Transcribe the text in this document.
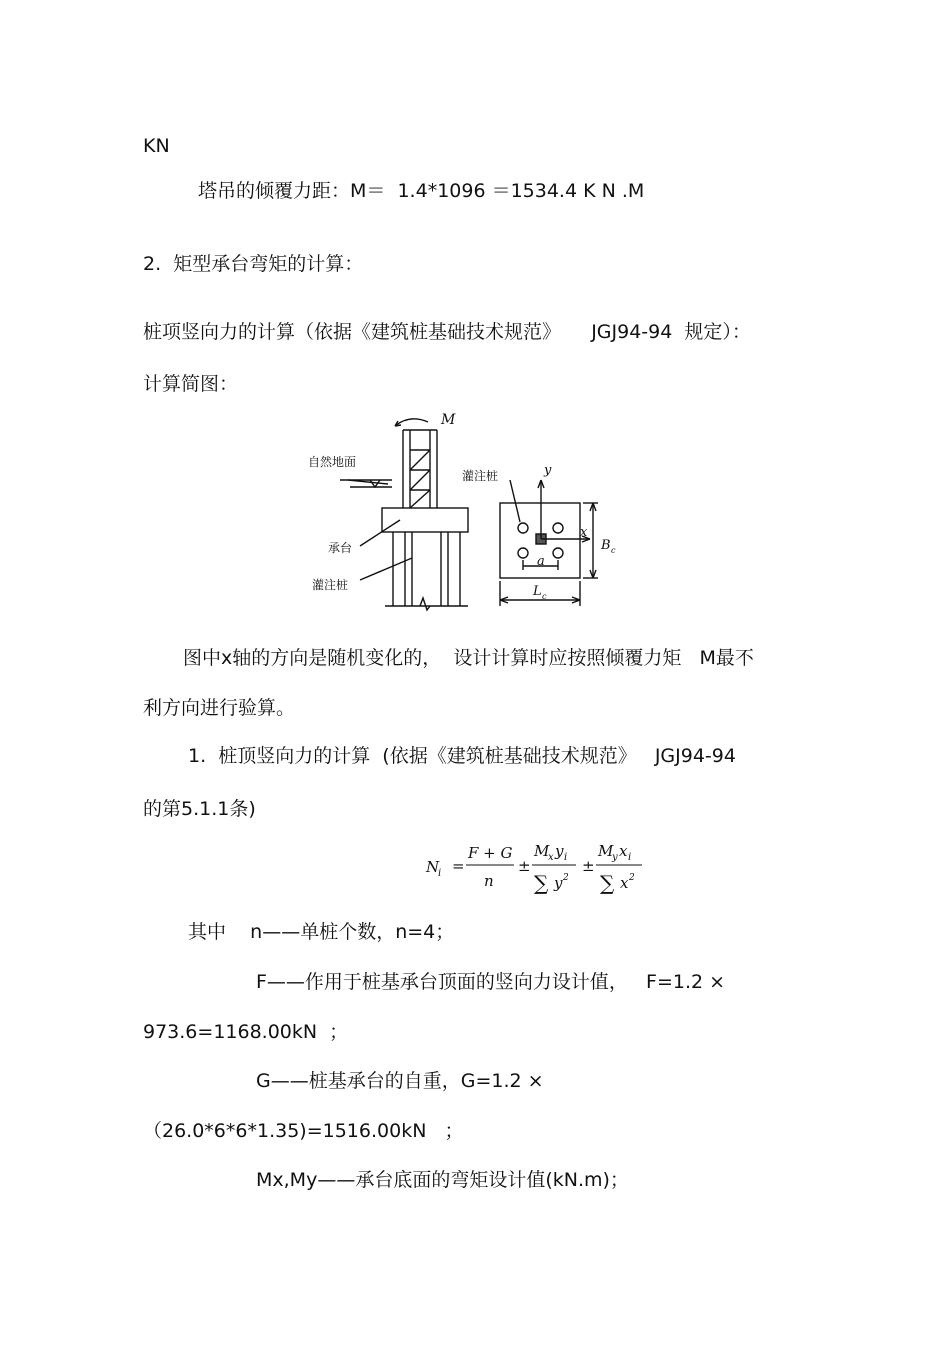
KN
塔吊的倾覆力距：M＝  1.4*1096 ＝1534.4 K N .M
2.  矩型承台弯矩的计算：
桩项竖向力的计算（依据《建筑桩基础技术规范》     JGJ94-94  规定）：
计算简图：
M
自然地面
承台
灌注桩
灌注桩	y
x
a
B c
L c
图中x轴的方向是随机变化的，  设计计算时应按照倾覆力矩   M最不
利方向进行验算。
1.  桩顶竖向力的计算  (依据《建筑桩基础技术规范》   JGJ94-94
的第5.1.1条)
N
i =
F + G
n
±
M
x y i
∑ y 2
±
M
y x i
∑ x 2
其中    n——单桩个数，n=4；
F——作用于桩基承台顶面的竖向力设计值，   F=1.2 ×
973.6=1168.00kN  ；
G——桩基承台的自重，G=1.2 ×
（26.0*6*6*1.35)=1516.00kN   ；
Mx,My——承台底面的弯矩设计值(kN.m)；
